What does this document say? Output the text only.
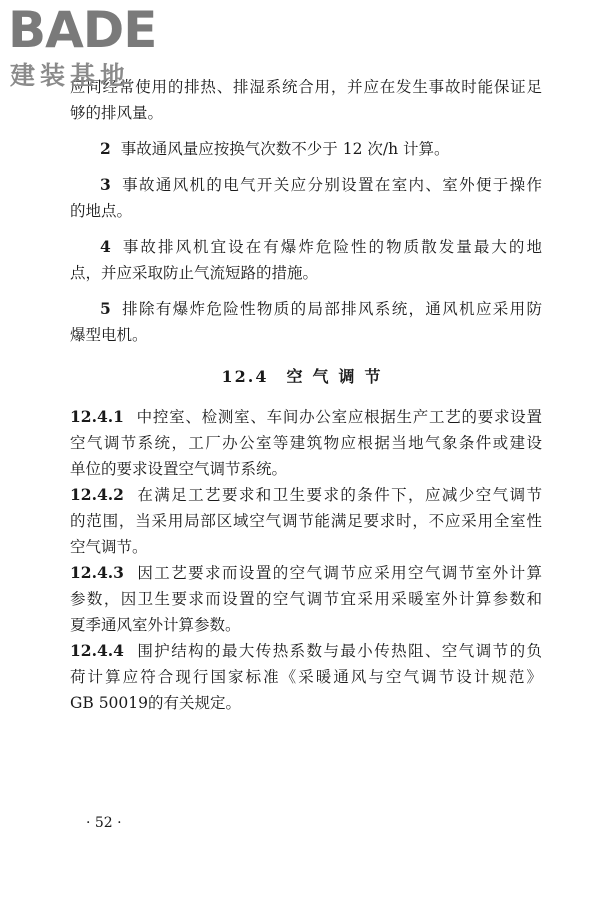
BADE
建装基地
应同经常使用的排热、排湿系统合用，并应在发生事故时能保证足
够的排风量。
2 事故通风量应按换气次数不少于 12 次/h 计算。
3 事故通风机的电气开关应分别设置在室内、室外便于操作
的地点。
4 事故排风机宜设在有爆炸危险性的物质散发量最大的地
点，并应采取防止气流短路的措施。
5 排除有爆炸危险性物质的局部排风系统，通风机应采用防
爆型电机。
12.4 空气调节
12.4.1 中控室、检测室、车间办公室应根据生产工艺的要求设置
空气调节系统，工厂办公室等建筑物应根据当地气象条件或建设
单位的要求设置空气调节系统。
12.4.2 在满足工艺要求和卫生要求的条件下，应减少空气调节
的范围，当采用局部区域空气调节能满足要求时，不应采用全室性
空气调节。
12.4.3 因工艺要求而设置的空气调节应采用空气调节室外计算
参数，因卫生要求而设置的空气调节宜采用采暖室外计算参数和
夏季通风室外计算参数。
12.4.4 围护结构的最大传热系数与最小传热阻、空气调节的负
荷计算应符合现行国家标准《采暖通风与空气调节设计规范》
GB 50019的有关规定。
· 52 ·
